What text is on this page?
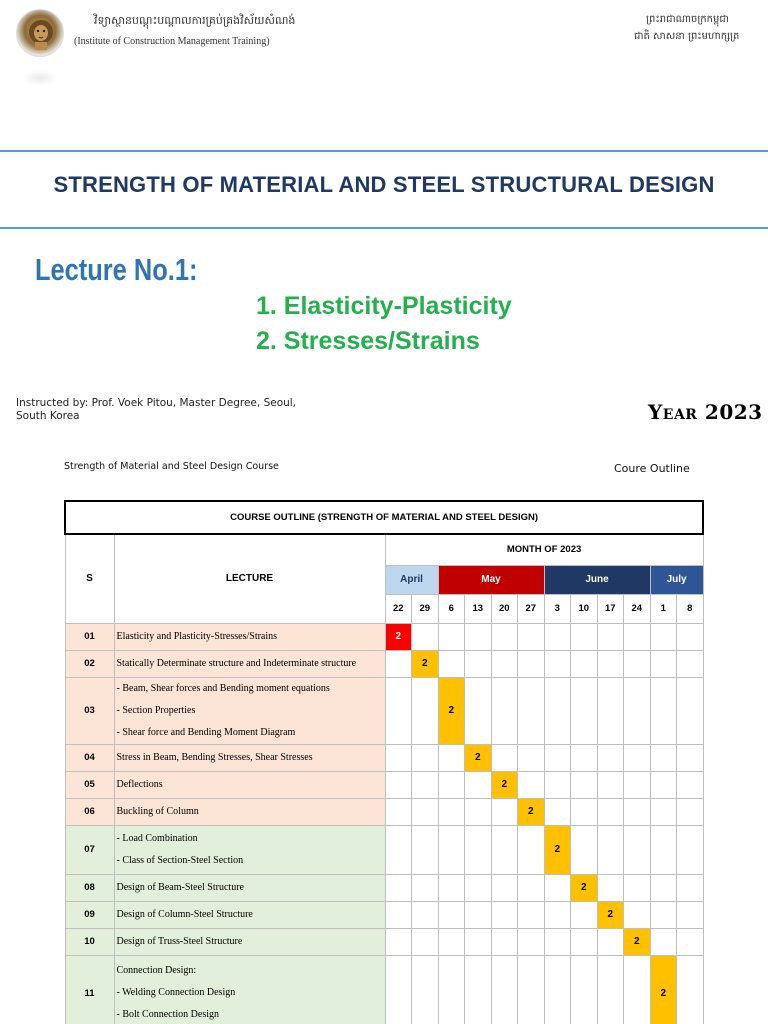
វិទ្យាស្ថានបណ្តុះបណ្តាលការគ្រប់គ្រងវិស័យសំណង់
(Institute of Construction Management Training)
ព្រះរាជាណាចក្រកម្ពុជា
ជាតិ សាសនា ព្រះមហាក្សត្រ
STRENGTH OF MATERIAL AND STEEL STRUCTURAL DESIGN
Lecture No.1:
1. Elasticity-Plasticity
2. Stresses/Strains
Instructed by: Prof. Voek Pitou, Master Degree, Seoul, South Korea	Year 2023
Strength of Material and Steel Design Course	Coure Outline
COURSE OUTLINE (STRENGTH OF MATERIAL AND STEEL DESIGN)													
S	LECTURE	MONTH OF 2023											
		April		May				June				July	
		22	29	6	13	20	27	3	10	17	24	1	8
01	Elasticity and Plasticity-Stresses/Strains	2											
02	Statically Determinate structure and Indeterminate structure		2										
03	- Beam, Shear forces and Bending moment equations
- Section Properties
- Shear force and Bending Moment Diagram			2									
04	Stress in Beam, Bending Stresses, Shear Stresses				2								
05	Deflections					2							
06	Buckling of Column						2						
07	- Load Combination
- Class of Section-Steel Section							2					
08	Design of Beam-Steel Structure								2				
09	Design of Column-Steel Structure									2			
10	Design of Truss-Steel Structure										2		
11	Connection Design:
- Welding Connection Design
- Bolt Connection Design											2	
